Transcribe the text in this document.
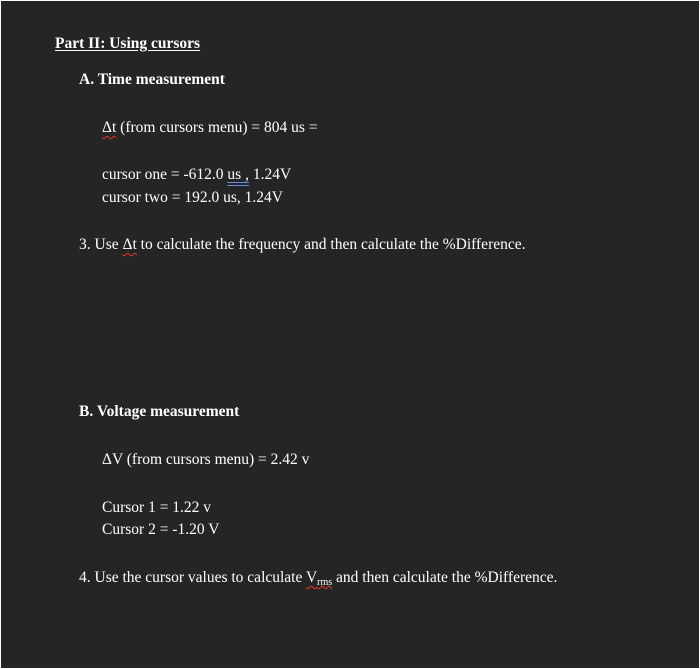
Part II: Using cursors
A. Time measurement
Δt (from cursors menu) = 804 us =
cursor one = -612.0 us , 1.24V
cursor two = 192.0 us, 1.24V
3. Use Δt to calculate the frequency and then calculate the %Difference.
B. Voltage measurement
ΔV (from cursors menu) = 2.42 v
Cursor 1 = 1.22 v
Cursor 2 = -1.20 V
4. Use the cursor values to calculate $V_{rms}$ and then calculate the %Difference.
